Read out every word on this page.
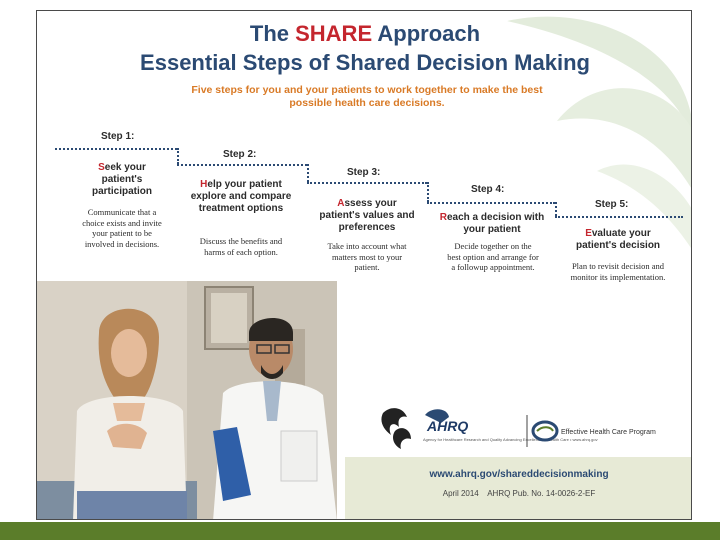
The SHARE Approach
Essential Steps of Shared Decision Making
Five steps for you and your patients to work together to make the best possible health care decisions.
Step 1:
Seek your patient's participation
Communicate that a choice exists and invite your patient to be involved in decisions.
Step 2:
Help your patient explore and compare treatment options
Discuss the benefits and harms of each option.
Step 3:
Assess your patient's values and preferences
Take into account what matters most to your patient.
Step 4:
Reach a decision with your patient
Decide together on the best option and arrange for a followup appointment.
Step 5:
Evaluate your patient's decision
Plan to revisit decision and monitor its implementation.
AHRQ
Agency for Healthcare Research and Quality Advancing Excellence in Health Care • www.ahrq.gov
Effective Health Care Program
www.ahrq.gov/shareddecisionmaking
April 2014    AHRQ Pub. No. 14-0026-2-EF
